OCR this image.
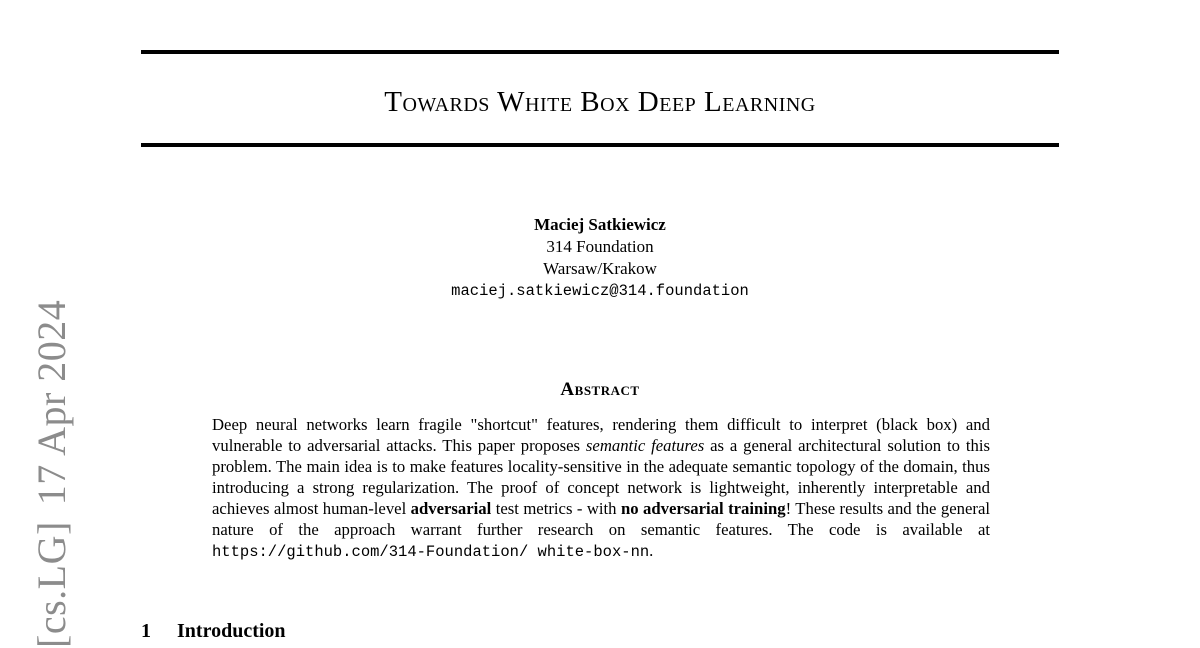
[cs.LG]17 Apr 2024
Towards White Box Deep Learning
Maciej Satkiewicz
314 Foundation
Warsaw/Krakow
maciej.satkiewicz@314.foundation
Abstract
Deep neural networks learn fragile "shortcut" features, rendering them difficult to interpret (black box) and vulnerable to adversarial attacks. This paper proposes semantic features as a general architectural solution to this problem. The main idea is to make features locality-sensitive in the adequate semantic topology of the domain, thus introducing a strong regularization. The proof of concept network is lightweight, inherently interpretable and achieves almost human-level adversarial test metrics - with no adversarial training! These results and the general nature of the approach warrant further research on semantic features. The code is available at https://github.com/314-Foundation/ white-box-nn.
1 Introduction
